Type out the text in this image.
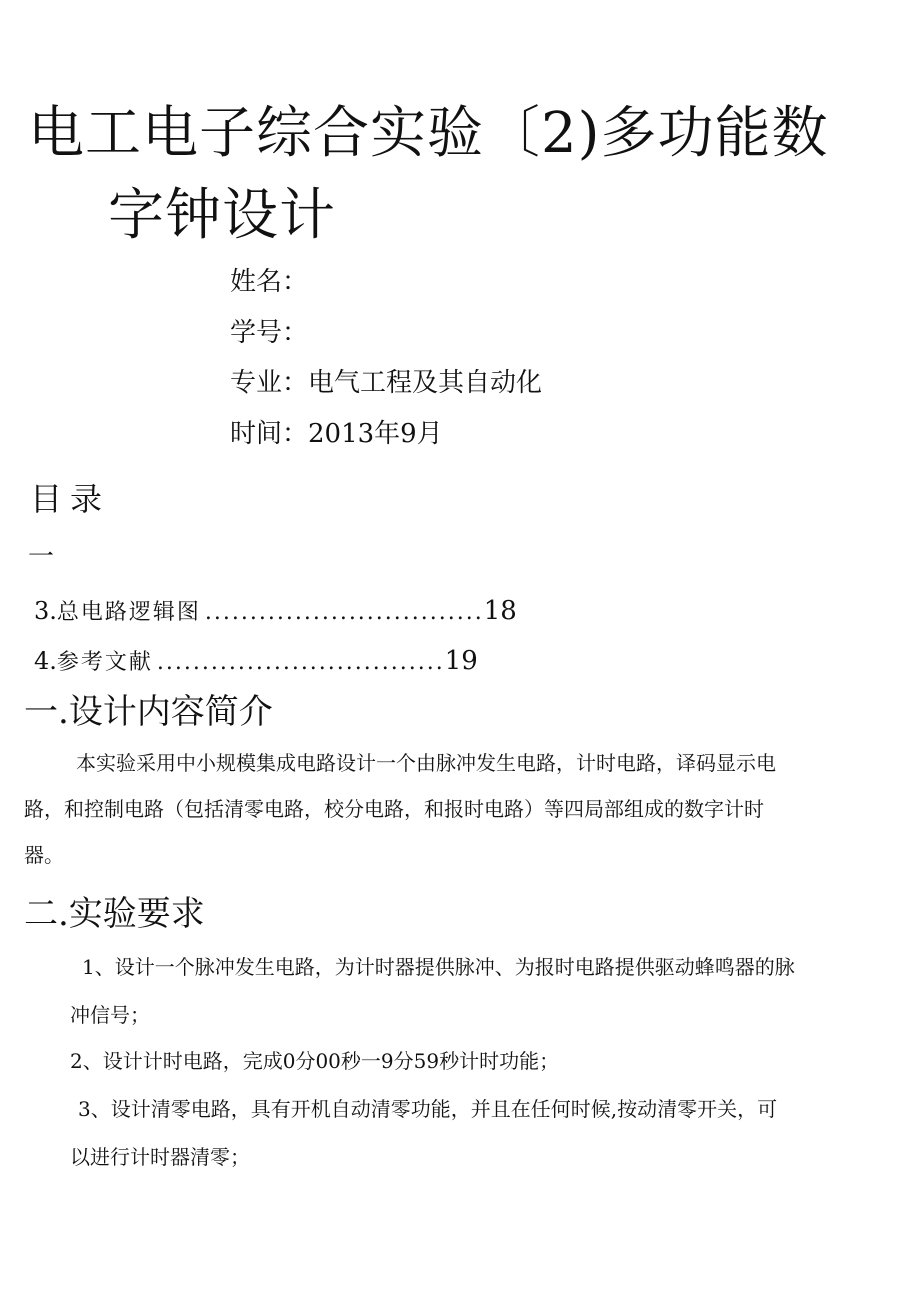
电工电子综合实验〔2)多功能数
字钟设计
姓名：
学号：
专业：电气工程及其自动化
时间：2013年9月
目录
一
3. 总电路逻辑图 ............................... 18
4. 参考文献 ................................ 19
一.设计内容简介
本实验采用中小规模集成电路设计一个由脉冲发生电路，计时电路，译码显示电
路，和控制电路（包括清零电路，校分电路，和报时电路）等四局部组成的数字计时
器。
二.实验要求
1、设计一个脉冲发生电路，为计时器提供脉冲、为报时电路提供驱动蜂鸣器的脉
冲信号；
2、设计计时电路，完成0分00秒一9分59秒计时功能；
3、设计清零电路，具有开机自动清零功能，并且在任何时候,按动清零开关，可
以进行计时器清零；
